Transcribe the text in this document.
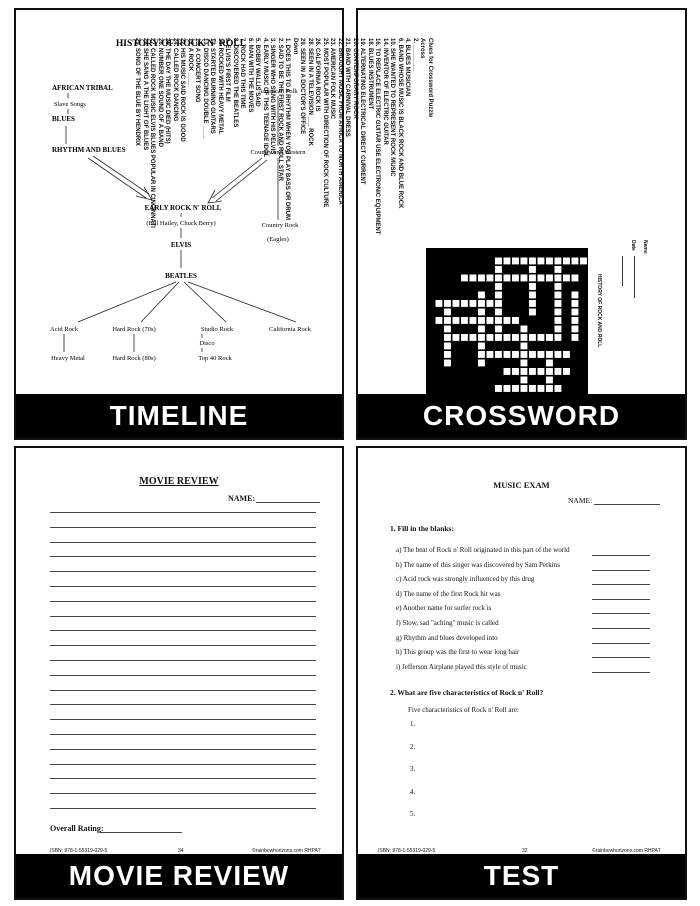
HISTORY OF ROCK N' ROLL
AFRICAN TRIBAL
Slave Songs
BLUES
RHYTHM AND BLUES
American Folk
Country and Western
Country Rock
(Eagles)
EARLY ROCK N' ROLL
(Bill Hailey, Chuck Berry)
ELVIS
BEATLES
Acid Rock	Hard Rock (70s)	Studio Rock	California Rock
Disco
Heavy Metal	Hard Rock (80s)	Top 40 Rock
TIMELINE
Clues for Crossword Puzzle
Across
2. ________
4. BLUES MUSICIAN
6. BAND WHOSE MUSIC IS BLACK ROCK AND BLUE ROCK
10. SHE WANTED TO REPRESENT ROCK MUSIC
14. INVENTOR OF ELECTRIC GUITAR
16. TO REPLACE ELECTRIC GUITAR USE ELECTRONIC EQUIPMENT
18. BLUES INSTRUMENT
19. ALTERNATING ELECTRICAL DIRECT CURRENT
20. CONTEMPORARY ROCK
21. BAND WITH CARNIVAL DRESS
22. BROUGHT MUSIC FROM AFRICA TO NORTH AMERICA
23. AMERICAN FOLK MUSIC
25. MOST POPULAR WITH DIRECTION OF ROCK CULTURE
26. CALIFORNIA ROCK IS
28. SEEN IN A TELEVISION ___ ROCK
29. SEEN IN A DOCTOR'S OFFICE
Down
1. DOES THIS TO A RHYTHM WHEN YOU PLAY BASS OR DRUM
2. SAID TO BE THE FIRST ROCK AND ROLL STAR
3. SINGER WHO SANG WITH HIS PELVIS
4. EARLY MUSIC OF THIS TEENAGE IDOL
5. BOBBY WALLIS SAID
6. MAN WITH THE MOVES
7. ROCK HAD THIS TIME
8. DISCOVERED THE BEATLES
9. ELVIS'S FIRST FILM
11. ROCKED WITH HEAVY METAL
12. STARTED BURNING GUITARS
13. DISCO DANCING DOUBLE ____
15. A CONCERT SONG
17. A ROCK ____
22. HIS MUSIC SAID ROCK IS GOOD
24. CALLED ROCK DANCING
25. THE DAY THE MUSIC DIED (HITS)
26. NUMBER ONE SOUND OF A BAND
27. CALLED ROCK MUSIC ELVIS BLUES POPULAR IN CINCINNATI
28. SHE SANG A THE LIGHT OF BLUES
29. SONG OF THE BLUE BY HENDRIX
HISTORY OF ROCK AND ROLL
Name
Date
CROSSWORD
MOVIE REVIEW
NAME:
Overall Rating:
ISBN: 978-1-55319-029-5	34	©rainbowhorizons.com RHPA7
MOVIE REVIEW
MUSIC EXAM
NAME:
1. Fill in the blanks:
a) The beat of Rock n' Roll originated in this part of the world
b) The name of this singer was discovered by Sam Perkins
c) Acid rock was strongly influenced by this drug
d) The name of the first Rock hit was
e) Another name for surfer rock is
f) Slow, sad "aching" music is called
g) Rhythm and blues developed into
h) This group was the first to wear long hair
i) Jefferson Airplane played this style of music
2. What are five characteristics of Rock n' Roll?
Five characteristics of Rock n' Roll are:
1.
2.
3.
4.
5.
ISBN: 978-1-55319-029-5	32	©rainbowhorizons.com RHPA7
TEST
